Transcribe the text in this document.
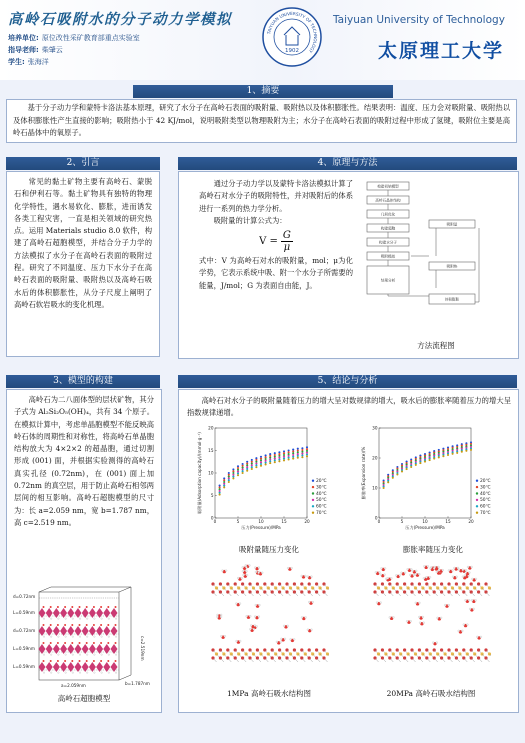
高岭石吸附水的分子动力学模拟
培养单位: 原位改性采矿教育部重点实验室
指导老师: 柴肇云
学生: 张海洋
TAIYUAN UNIVERSITY OF TECHNOLOGY
1902
Taiyuan University of Technology
太原理工大学
1、摘要

基于分子动力学和蒙特卡洛法基本原理，研究了水分子在高岭石表面的吸附量、吸附热以及体积膨胀性。结果表明：温度、压力会对吸附量、吸附热以及体积膨胀性产生直接的影响；吸附热小于 42 KJ/mol，说明吸附类型以物理吸附为主；水分子在高岭石表面的吸附过程中形成了氢键，吸附位主要是高岭石晶体中的氧原子。

2、引言

常见的黏土矿物主要有高岭石、蒙脱石和伊利石等。黏土矿物具有独特的物理化学特性，遇水易软化、膨胀，进而诱发各类工程灾害，一直是相关领域的研究热点。运用 Materials studio 8.0 软件，构建了高岭石超胞模型，并结合分子力学的方法模拟了水分子在高岭石表面的吸附过程。研究了不同温度、压力下水分子在高岭石表面的吸附量、吸附热以及高岭石吸水后的体积膨胀性，从分子尺度上阐明了高岭石软岩吸水的变化机理。

4、原理与方法

通过分子动力学以及蒙特卡洛法模拟计算了高岭石对水分子的吸附特性，并对吸附后的体系进行一系列的热力学分析。

吸附量的计算公式为：

$V = \frac{G}{\mu}$

式中：V 为高岭石对水的吸附量，mol；μ为化学势，它表示系统中吸、附一个水分子所需要的能量，J/mol；G 为表面自由能，J。

构建初始模型
高岭石晶体结构
几何优化
构建超胞
构建水分子
吸附模拟
吸附量
吸附热
体积膨胀
结果分析
方法流程图
3、模型的构建

高岭石为二八面体型的层状矿物，其分子式为 Al₂Si₂O₅(OH)₄，共有 34 个原子。在模拟计算中，考虑单晶胞模型不能反映高岭石体的周期性和对称性，将高岭石单晶胞结构放大为 4×2×2 的超晶胞，通过切割形成 (001) 面，并根据实验测得的高岭石真实孔径 (0.72nm)，在 (001) 面上加 0.72nm 的真空层，用于防止高岭石相邻两层间的相互影响。高岭石超胞模型的尺寸为：长 a=2.059 nm，宽 b=1.787 nm，高 c=2.519 nm。

d=0.72nm
L=0.59nm
d=0.72nm
L=0.59nm
L=0.59nm
a=2.059nm	b=1.787nm
c=2.519nm
高岭石超胞模型
5、结论与分析

高岭石对水分子的吸附量随着压力的增大呈对数规律的增大，吸水后的膨胀率随着压力的增大呈指数规律递增。

0	5	10	15	20
0
5
10
15
20
压力(Pressure)/MPa
吸附量(Adsorption capacity)/(mmol·g⁻¹)	20℃
30℃
40℃
50℃
60℃
70℃
0	5	10	15	20
0
10
20
30
压力(Pressure)/MPa
膨胀率(Expansion rate)/%	20℃
30℃
40℃
50℃
60℃
70℃
吸附量随压力变化	膨胀率随压力变化
1MPa 高岭石吸水结构图	20MPa 高岭石吸水结构图
